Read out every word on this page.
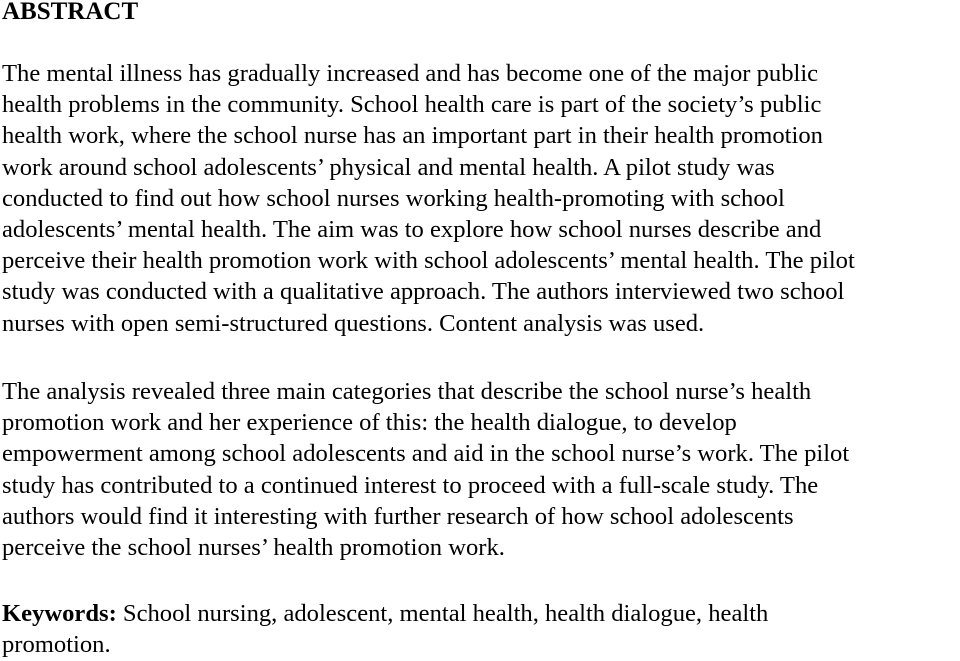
ABSTRACT

The mental illness has gradually increased and has become one of the major public
health problems in the community. School health care is part of the society’s public
health work, where the school nurse has an important part in their health promotion
work around school adolescents’ physical and mental health. A pilot study was
conducted to find out how school nurses working health-promoting with school
adolescents’ mental health. The aim was to explore how school nurses describe and
perceive their health promotion work with school adolescents’ mental health. The pilot
study was conducted with a qualitative approach. The authors interviewed two school
nurses with open semi-structured questions. Content analysis was used.

The analysis revealed three main categories that describe the school nurse’s health
promotion work and her experience of this: the health dialogue, to develop
empowerment among school adolescents and aid in the school nurse’s work. The pilot
study has contributed to a continued interest to proceed with a full-scale study. The
authors would find it interesting with further research of how school adolescents
perceive the school nurses’ health promotion work.

Keywords: School nursing, adolescent, mental health, health dialogue, health
promotion.
